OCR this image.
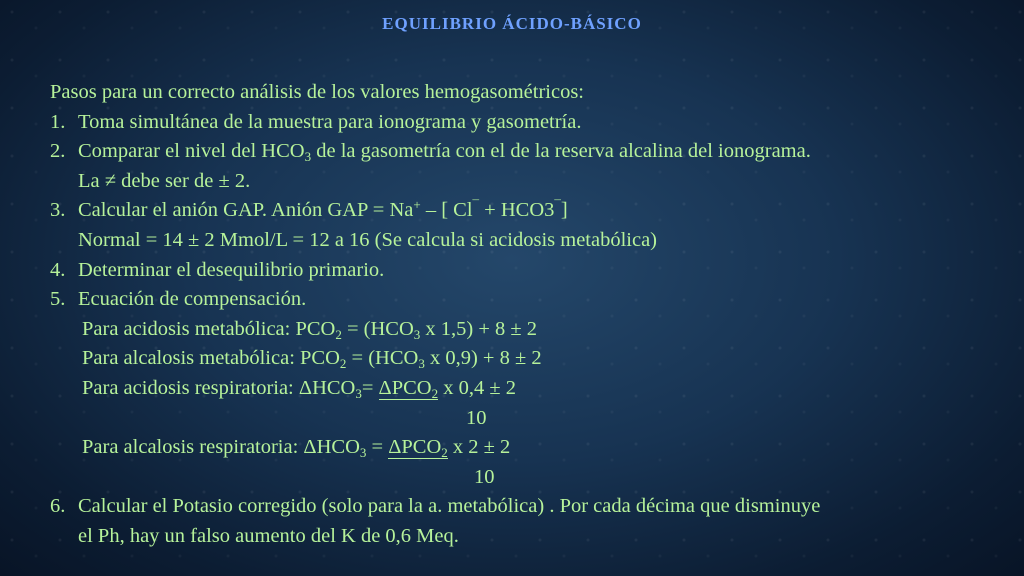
EQUILIBRIO ÁCIDO-BÁSICO
Pasos para un correcto análisis de los valores hemogasométricos:
1. Toma simultánea de la muestra para ionograma y gasometría.
2. Comparar el nivel del $HCO_3$ de la gasometría con el de la reserva alcalina del ionograma.
La ≠ debe ser de ± 2.
3. Calcular el anión GAP. Anión GAP = Na+ – [ Cl¯ + HCO3¯]
Normal = 14 ± 2 Mmol/L = 12 a 16 (Se calcula si acidosis metabólica)
4. Determinar el desequilibrio primario.
5. Ecuación de compensación.
Para acidosis metabólica: $PCO_2 = (HCO_3$ x 1,5) + 8 ± 2
Para alcalosis metabólica: $PCO_2 = (HCO_3$ x 0,9) + 8 ± 2
Para acidosis respiratoria: $\Delta HCO_3= \Delta PCO_2$ x 0,4 ± 2
10
Para alcalosis respiratoria: $\Delta HCO_3 = \Delta PCO_2$ x 2 ± 2
10
6. Calcular el Potasio corregido (solo para la a. metabólica) . Por cada décima que disminuye
el Ph, hay un falso aumento del K de 0,6 Meq.
